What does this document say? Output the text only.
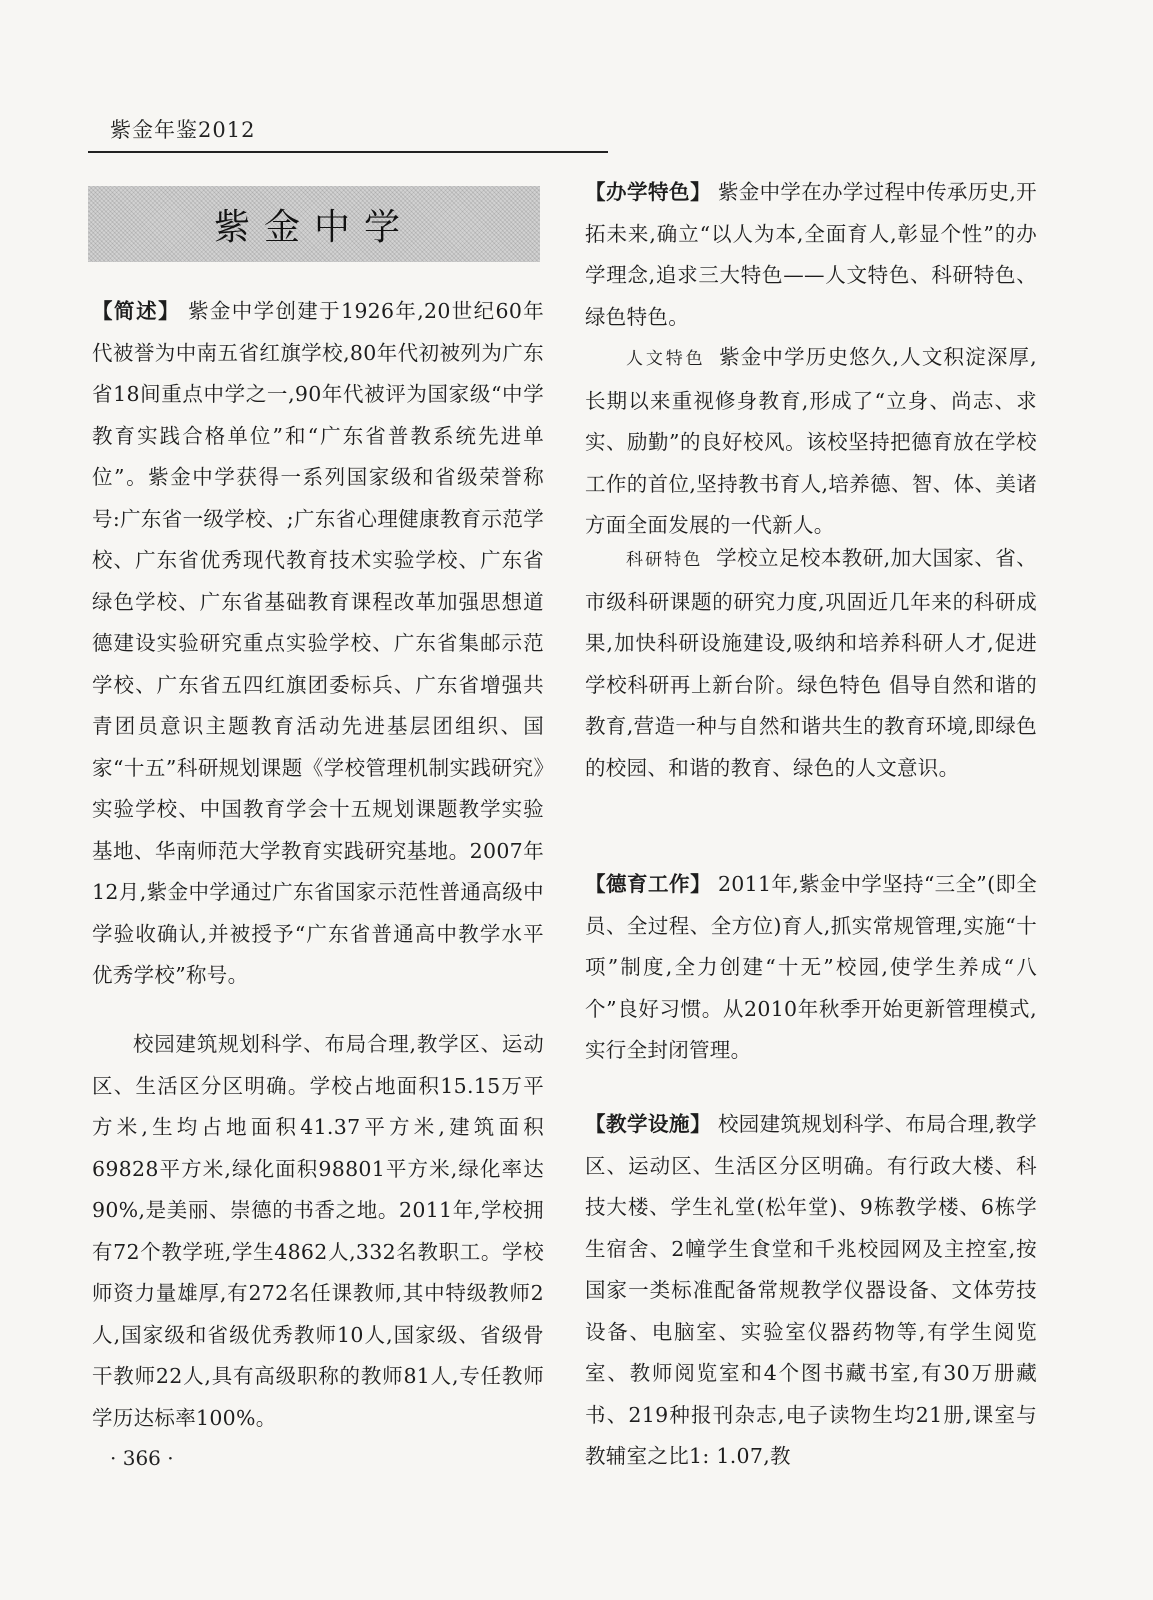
紫金年鉴2012
紫金中学

【简述】 紫金中学创建于1926年,20世纪60年代被誉为中南五省红旗学校,80年代初被列为广东省18间重点中学之一,90年代被评为国家级“中学教育实践合格单位”和“广东省普教系统先进单位”。紫金中学获得一系列国家级和省级荣誉称号:广东省一级学校、;广东省心理健康教育示范学校、广东省优秀现代教育技术实验学校、广东省绿色学校、广东省基础教育课程改革加强思想道德建设实验研究重点实验学校、广东省集邮示范学校、广东省五四红旗团委标兵、广东省增强共青团员意识主题教育活动先进基层团组织、国家“十五”科研规划课题《学校管理机制实践研究》实验学校、中国教育学会十五规划课题教学实验基地、华南师范大学教育实践研究基地。2007年12月,紫金中学通过广东省国家示范性普通高级中学验收确认,并被授予“广东省普通高中教学水平优秀学校”称号。

校园建筑规划科学、布局合理,教学区、运动区、生活区分区明确。学校占地面积15.15万平方米,生均占地面积41.37平方米,建筑面积69828平方米,绿化面积98801平方米,绿化率达90%,是美丽、崇德的书香之地。2011年,学校拥有72个教学班,学生4862人,332名教职工。学校师资力量雄厚,有272名任课教师,其中特级教师2人,国家级和省级优秀教师10人,国家级、省级骨干教师22人,具有高级职称的教师81人,专任教师学历达标率100%。

【办学特色】 紫金中学在办学过程中传承历史,开拓未来,确立“以人为本,全面育人,彰显个性”的办学理念,追求三大特色——人文特色、科研特色、绿色特色。

人文特色 紫金中学历史悠久,人文积淀深厚,长期以来重视修身教育,形成了“立身、尚志、求实、励勤”的良好校风。该校坚持把德育放在学校工作的首位,坚持教书育人,培养德、智、体、美诸方面全面发展的一代新人。

科研特色 学校立足校本教研,加大国家、省、市级科研课题的研究力度,巩固近几年来的科研成果,加快科研设施建设,吸纳和培养科研人才,促进学校科研再上新台阶。绿色特色 倡导自然和谐的教育,营造一种与自然和谐共生的教育环境,即绿色的校园、和谐的教育、绿色的人文意识。

【德育工作】 2011年,紫金中学坚持“三全”(即全员、全过程、全方位)育人,抓实常规管理,实施“十项”制度,全力创建“十无”校园,使学生养成“八个”良好习惯。从2010年秋季开始更新管理模式,实行全封闭管理。

【教学设施】 校园建筑规划科学、布局合理,教学区、运动区、生活区分区明确。有行政大楼、科技大楼、学生礼堂(松年堂)、9栋教学楼、6栋学生宿舍、2幢学生食堂和千兆校园网及主控室,按国家一类标准配备常规教学仪器设备、文体劳技设备、电脑室、实验室仪器药物等,有学生阅览室、教师阅览室和4个图书藏书室,有30万册藏书、219种报刊杂志,电子读物生均21册,课室与教辅室之比1: 1.07,教

· 366 ·
